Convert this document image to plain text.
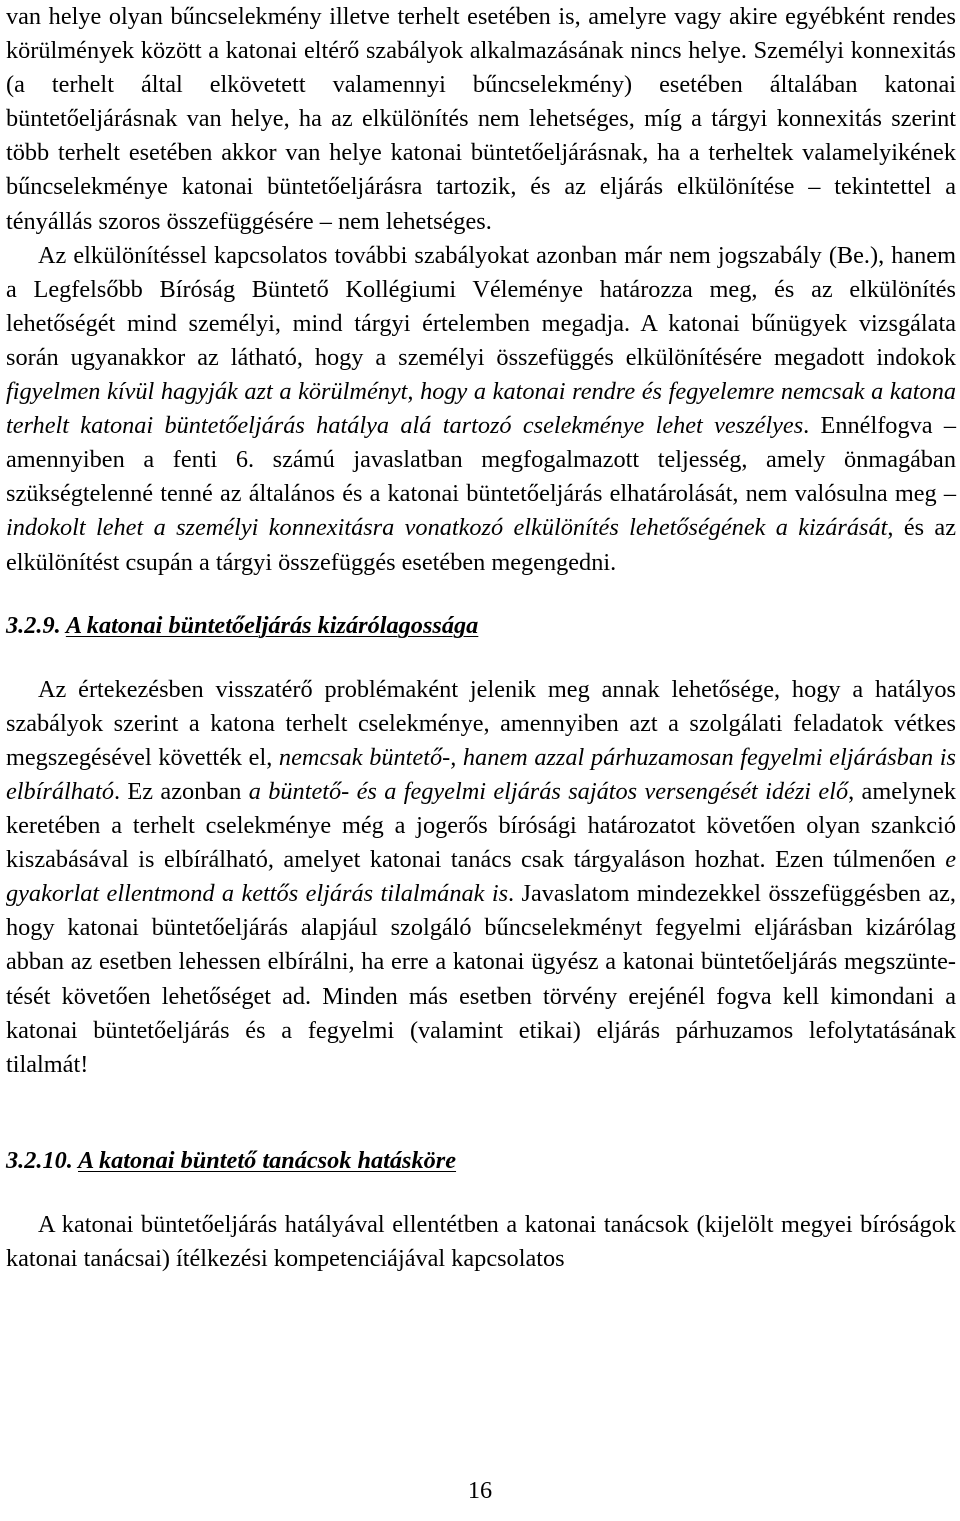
van helye olyan bűncselekmény illetve terhelt esetében is, amelyre vagy akire egyébként rendes körülmények között a katonai eltérő szabályok alkalmazásának nincs helye. Személyi konnexitás (a terhelt által elkövetett valamennyi bűncselekmény) esetében általában katonai büntetőeljárásnak van helye, ha az elkülönítés nem lehetséges, míg a tárgyi konnexitás szerint több terhelt esetében akkor van helye katonai büntetőeljárásnak, ha a terheltek valamelyikének bűncselekménye katonai büntetőeljárásra tartozik, és az eljárás elkülönítése – tekintettel a tényállás szoros összefüggésére – nem lehetséges.

Az elkülönítéssel kapcsolatos további szabályokat azonban már nem jogszabály (Be.), hanem a Legfelsőbb Bíróság Büntető Kollégiumi Véleménye határozza meg, és az elkülönítés lehetőségét mind személyi, mind tárgyi értelemben megadja. A katonai bűnügyek vizsgálata során ugyanakkor az látható, hogy a személyi összefüggés elkülönítésére megadott indokok figyelmen kívül hagyják azt a körülményt, hogy a katonai rendre és fegyelemre nemcsak a katona terhelt katonai büntetőeljárás hatálya alá tartozó cselekménye lehet veszélyes. Ennélfogva – amennyiben a fenti 6. számú javaslatban megfogalmazott teljesség, amely önmagában szükségtelenné tenné az általános és a katonai büntetőeljárás elhatárolását, nem valósulna meg – indokolt lehet a személyi konnexitásra vonatkozó elkülönítés lehetőségének a kizárását, és az elkülönítést csupán a tárgyi összefüggés esetében megengedni.

3.2.9. A katonai büntetőeljárás kizárólagossága

Az értekezésben visszatérő problémaként jelenik meg annak lehetősége, hogy a hatályos szabályok szerint a katona terhelt cselekménye, amennyiben azt a szolgálati feladatok vétkes megszegésével követték el, nemcsak büntető-, hanem azzal párhuzamosan fegyelmi eljárásban is elbírálható. Ez azonban a büntető- és a fegyelmi eljárás sajátos versengését idézi elő, amelynek keretében a terhelt cselekménye még a jogerős bírósági határozatot követően olyan szankció kiszabásával is elbírálható, amelyet katonai tanács csak tárgyaláson hozhat. Ezen túlmenően e gyakorlat ellentmond a kettős eljárás tilalmának is. Javaslatom mindezekkel összefüggésben az, hogy katonai büntetőeljárás alapjául szolgáló bűncselekményt fegyelmi eljárásban kizárólag abban az esetben lehessen elbírálni, ha erre a katonai ügyész a katonai büntetőeljárás megszüntetését követően lehetőséget ad. Minden más esetben törvény erejénél fogva kell kimondani a katonai büntetőeljárás és a fegyelmi (valamint etikai) eljárás párhuzamos lefolytatásának tilalmát!

3.2.10. A katonai büntető tanácsok hatásköre

A katonai büntetőeljárás hatályával ellentétben a katonai tanácsok (kijelölt megyei bíróságok katonai tanácsai) ítélkezési kompetenciájával kapcsolatos

16
